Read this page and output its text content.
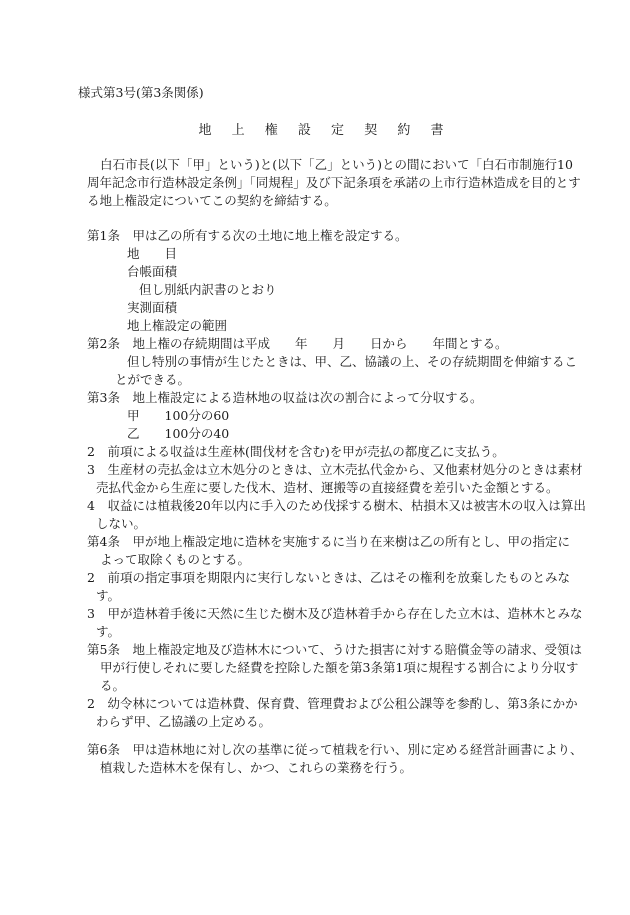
様式第3号(第3条関係)
地 上 権 設 定 契 約 書
白石市長(以下「甲」という)と(以下「乙」という)との間において「白石市制施行10
周年記念市行造林設定条例」「同規程」及び下記条項を承諾の上市行造林造成を目的とす
る地上権設定についてこの契約を締結する。
第1条　甲は乙の所有する次の土地に地上権を設定する。
地　　目
台帳面積
但し別紙内訳書のとおり
実測面積
地上権設定の範囲
第2条　地上権の存続期間は平成　　年　　月　　日から　　年間とする。
但し特別の事情が生じたときは、甲、乙、協議の上、その存続期間を伸縮するこ
とができる。
第3条　地上権設定による造林地の収益は次の割合によって分収する。
甲　　100分の60
乙　　100分の40
2　前項による収益は生産林(間伐材を含む)を甲が売払の都度乙に支払う。
3　生産材の売払金は立木処分のときは、立木売払代金から、又他素材処分のときは素材
売払代金から生産に要した伐木、造材、運搬等の直接経費を差引いた金額とする。
4　収益には植栽後20年以内に手入のため伐採する樹木、枯損木又は被害木の収入は算出
しない。
第4条　甲が地上権設定地に造林を実施するに当り在来樹は乙の所有とし、甲の指定に
よって取除くものとする。
2　前項の指定事項を期限内に実行しないときは、乙はその権利を放棄したものとみな
す。
3　甲が造林着手後に天然に生じた樹木及び造林着手から存在した立木は、造林木とみな
す。
第5条　地上権設定地及び造林木について、うけた損害に対する賠償金等の請求、受領は
甲が行使しそれに要した経費を控除した額を第3条第1項に規程する割合により分収す
る。
2　幼令林については造林費、保育費、管理費および公租公課等を参酌し、第3条にかか
わらず甲、乙協議の上定める。
第6条　甲は造林地に対し次の基準に従って植栽を行い、別に定める経営計画書により、
植栽した造林木を保有し、かつ、これらの業務を行う。
